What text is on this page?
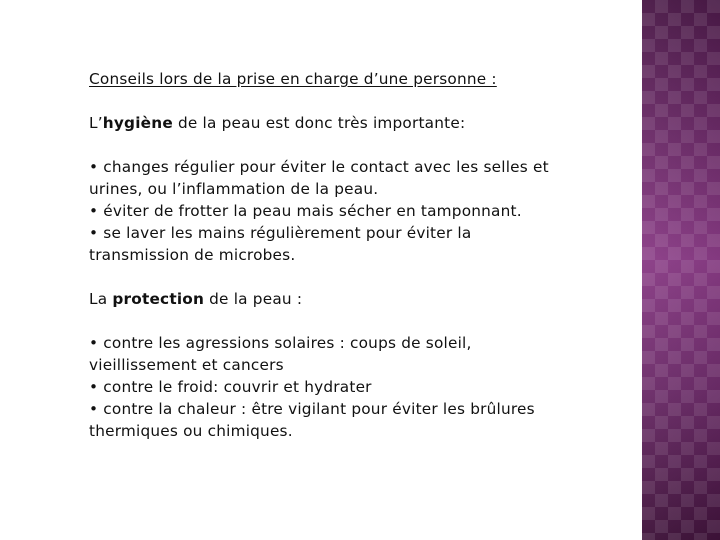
Conseils lors de la prise en charge d’une personne :
L’hygiène de la peau est donc très importante:
• changes régulier pour éviter le contact avec les selles et
urines, ou l’inflammation de la peau.
• éviter de frotter la peau mais sécher en tamponnant.
• se laver les mains régulièrement pour éviter la
transmission de microbes.
La protection de la peau :
• contre les agressions solaires : coups de soleil,
vieillissement et cancers
• contre le froid: couvrir et hydrater
• contre la chaleur : être vigilant pour éviter les brûlures
thermiques ou chimiques.
